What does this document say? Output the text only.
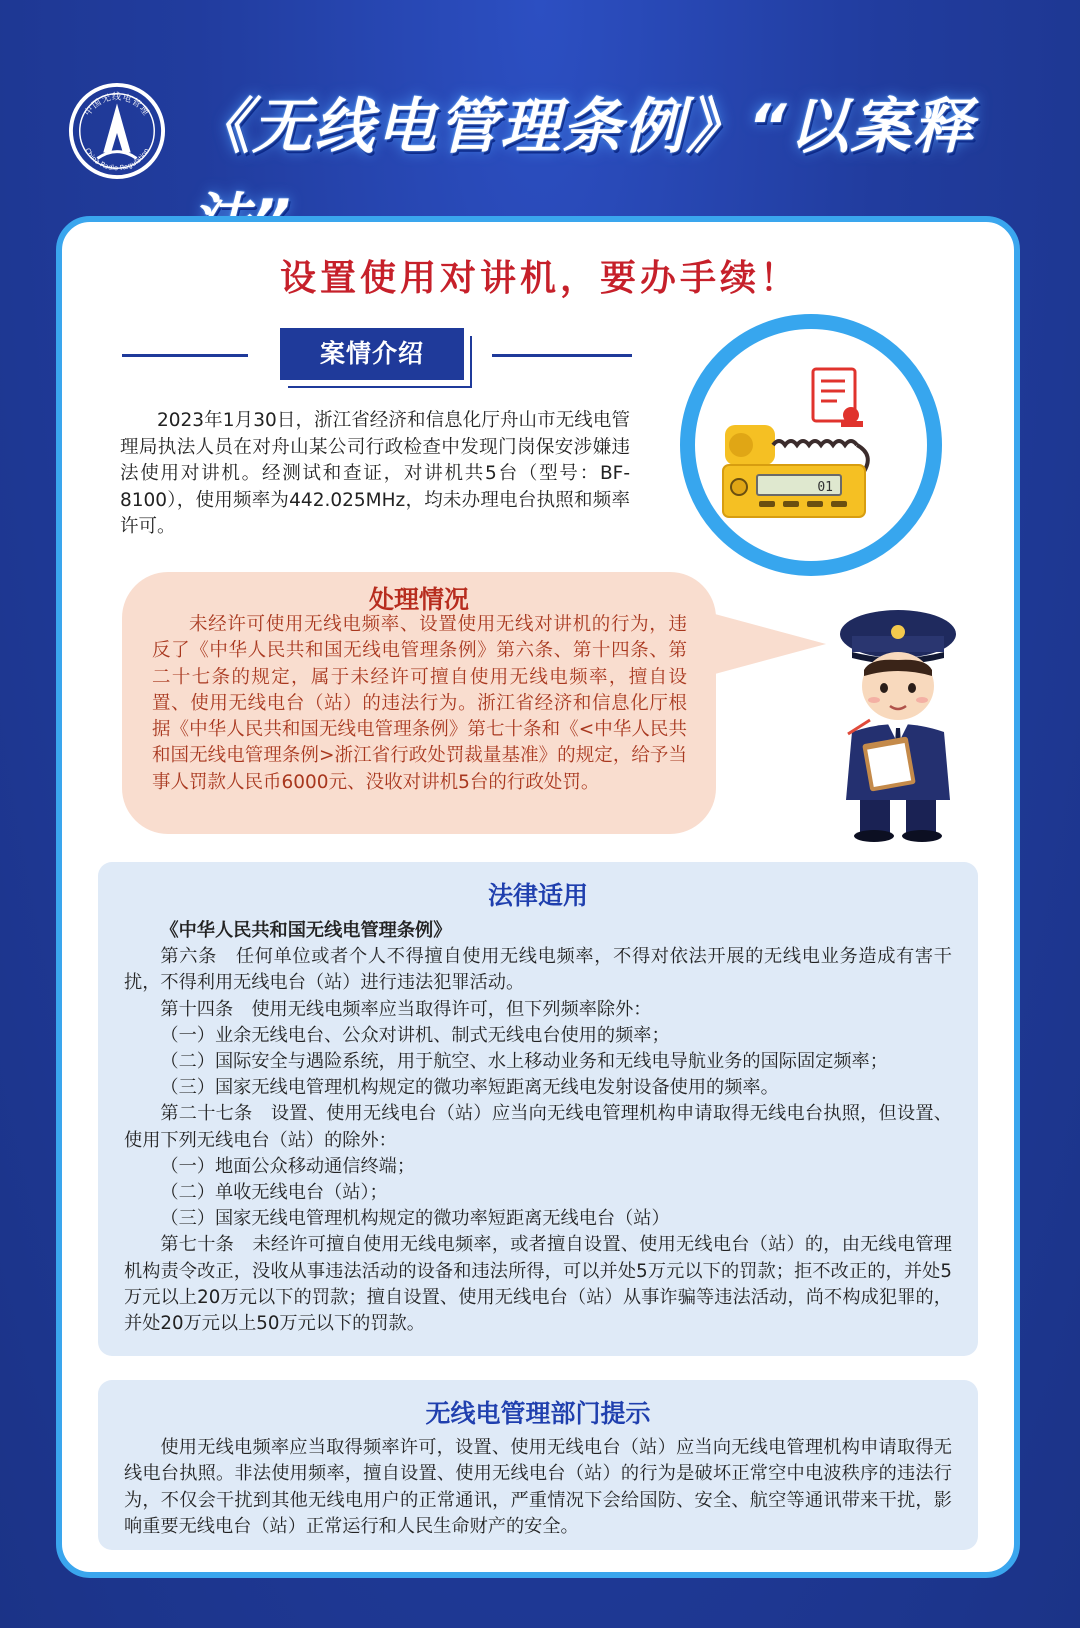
中国无线电管理
China Radio Regulation 《无线电管理条例》“以案释
设置使用对讲机，要办手续！
案情介绍

2023年1月30日，浙江省经济和信息化厅舟山市无线电管理局执法人员在对舟山某公司行政检查中发现门岗保安涉嫌违法使用对讲机。经测试和查证，对讲机共5台（型号：BF-8100），使用频率为442.025MHz，均未办理电台执照和频率许可。

01
处理情况

未经许可使用无线电频率、设置使用无线对讲机的行为，违反了《中华人民共和国无线电管理条例》第六条、第十四条、第二十七条的规定，属于未经许可擅自使用无线电频率，擅自设置、使用无线电台（站）的违法行为。浙江省经济和信息化厅根据《中华人民共和国无线电管理条例》第七十条和《<中华人民共和国无线电管理条例>浙江省行政处罚裁量基准》的规定，给予当事人罚款人民币6000元、没收对讲机5台的行政处罚。

法律适用

《中华人民共和国无线电管理条例》

第六条　任何单位或者个人不得擅自使用无线电频率，不得对依法开展的无线电业务造成有害干扰，不得利用无线电台（站）进行违法犯罪活动。

第十四条　使用无线电频率应当取得许可，但下列频率除外：

（一）业余无线电台、公众对讲机、制式无线电台使用的频率；

（二）国际安全与遇险系统，用于航空、水上移动业务和无线电导航业务的国际固定频率；

（三）国家无线电管理机构规定的微功率短距离无线电发射设备使用的频率。

第二十七条　设置、使用无线电台（站）应当向无线电管理机构申请取得无线电台执照，但设置、使用下列无线电台（站）的除外：

（一）地面公众移动通信终端；

（二）单收无线电台（站）；

（三）国家无线电管理机构规定的微功率短距离无线电台（站）

第七十条　未经许可擅自使用无线电频率，或者擅自设置、使用无线电台（站）的，由无线电管理机构责令改正，没收从事违法活动的设备和违法所得，可以并处5万元以下的罚款；拒不改正的，并处5万元以上20万元以下的罚款；擅自设置、使用无线电台（站）从事诈骗等违法活动，尚不构成犯罪的，并处20万元以上50万元以下的罚款。

无线电管理部门提示

使用无线电频率应当取得频率许可，设置、使用无线电台（站）应当向无线电管理机构申请取得无线电台执照。非法使用频率，擅自设置、使用无线电台（站）的行为是破坏正常空中电波秩序的违法行为，不仅会干扰到其他无线电用户的正常通讯，严重情况下会给国防、安全、航空等通讯带来干扰，影响重要无线电台（站）正常运行和人民生命财产的安全。
